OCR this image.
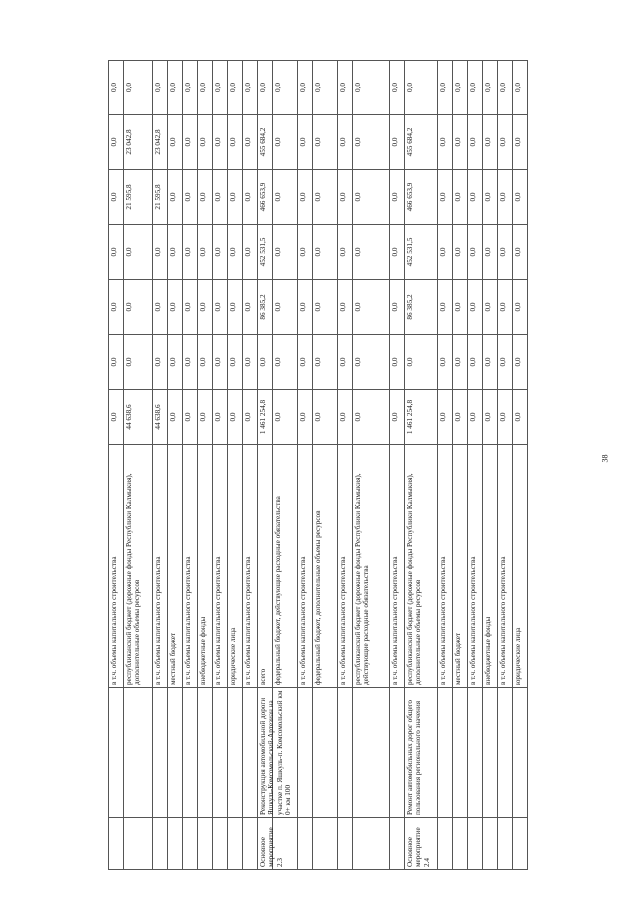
в т.ч. объемы капитального строительства
0,0
0,0
0,0
0,0
0,0
0,0
0,0
республиканский бюджет (дорожные фонды Республики Калмыкия), дополнительные объемы ресурсов
44 638,6
0,0
0,0
0,0
21 595,8
23 042,8
0,0
в т.ч. объемы капитального строительства
44 638,6
0,0
0,0
0,0
21 595,8
23 042,8
0,0
местный бюджет
0,0
0,0
0,0
0,0
0,0
0,0
0,0
в т.ч. объемы капитального строительства
0,0
0,0
0,0
0,0
0,0
0,0
0,0
внебюджетные фонды
0,0
0,0
0,0
0,0
0,0
0,0
0,0
в т.ч. объемы капитального строительства
0,0
0,0
0,0
0,0
0,0
0,0
0,0
юридические лица
0,0
0,0
0,0
0,0
0,0
0,0
0,0
в т.ч. объемы капитального строительства
0,0
0,0
0,0
0,0
0,0
0,0
0,0
Основное мероприятие 2.3
Реконструкция автомобильной дороги Яшкуль-Комсомольский-Артезиан на участке п. Яшкуль-п. Комсомольский км 0+ км 100
всего
1 461 254,8
0,0
86 385,2
452 531,5
466 653,9
455 684,2
0,0
федеральный бюджет, действующие расходные обязательства
0,0
0,0
0,0
0,0
0,0
0,0
0,0
в т.ч. объемы капитального строительства
0,0
0,0
0,0
0,0
0,0
0,0
0,0
федеральный бюджет, дополнительные объемы ресурсов
0,0
0,0
0,0
0,0
0,0
0,0
0,0
в т.ч. объемы капитального строительства
0,0
0,0
0,0
0,0
0,0
0,0
0,0
республиканский бюджет (дорожные фонды Республики Калмыкия), действующие расходные обязательства
0,0
0,0
0,0
0,0
0,0
0,0
0,0
в т.ч. объемы капитального строительства
0,0
0,0
0,0
0,0
0,0
0,0
0,0
Основное мероприятие 2.4
Ремонт автомобильных дорог общего пользования регионального значения
республиканский бюджет (дорожные фонды Республики Калмыкия), дополнительные объемы ресурсов
1 461 254,8
0,0
86 385,2
452 531,5
466 653,9
455 684,2
0,0
в т.ч. объемы капитального строительства
0,0
0,0
0,0
0,0
0,0
0,0
0,0
местный бюджет
0,0
0,0
0,0
0,0
0,0
0,0
0,0
в т.ч. объемы капитального строительства
0,0
0,0
0,0
0,0
0,0
0,0
0,0
внебюджетные фонды
0,0
0,0
0,0
0,0
0,0
0,0
0,0
в т.ч. объемы капитального строительства
0,0
0,0
0,0
0,0
0,0
0,0
0,0
юридические лица
0,0
0,0
0,0
0,0
0,0
0,0
0,0
38
